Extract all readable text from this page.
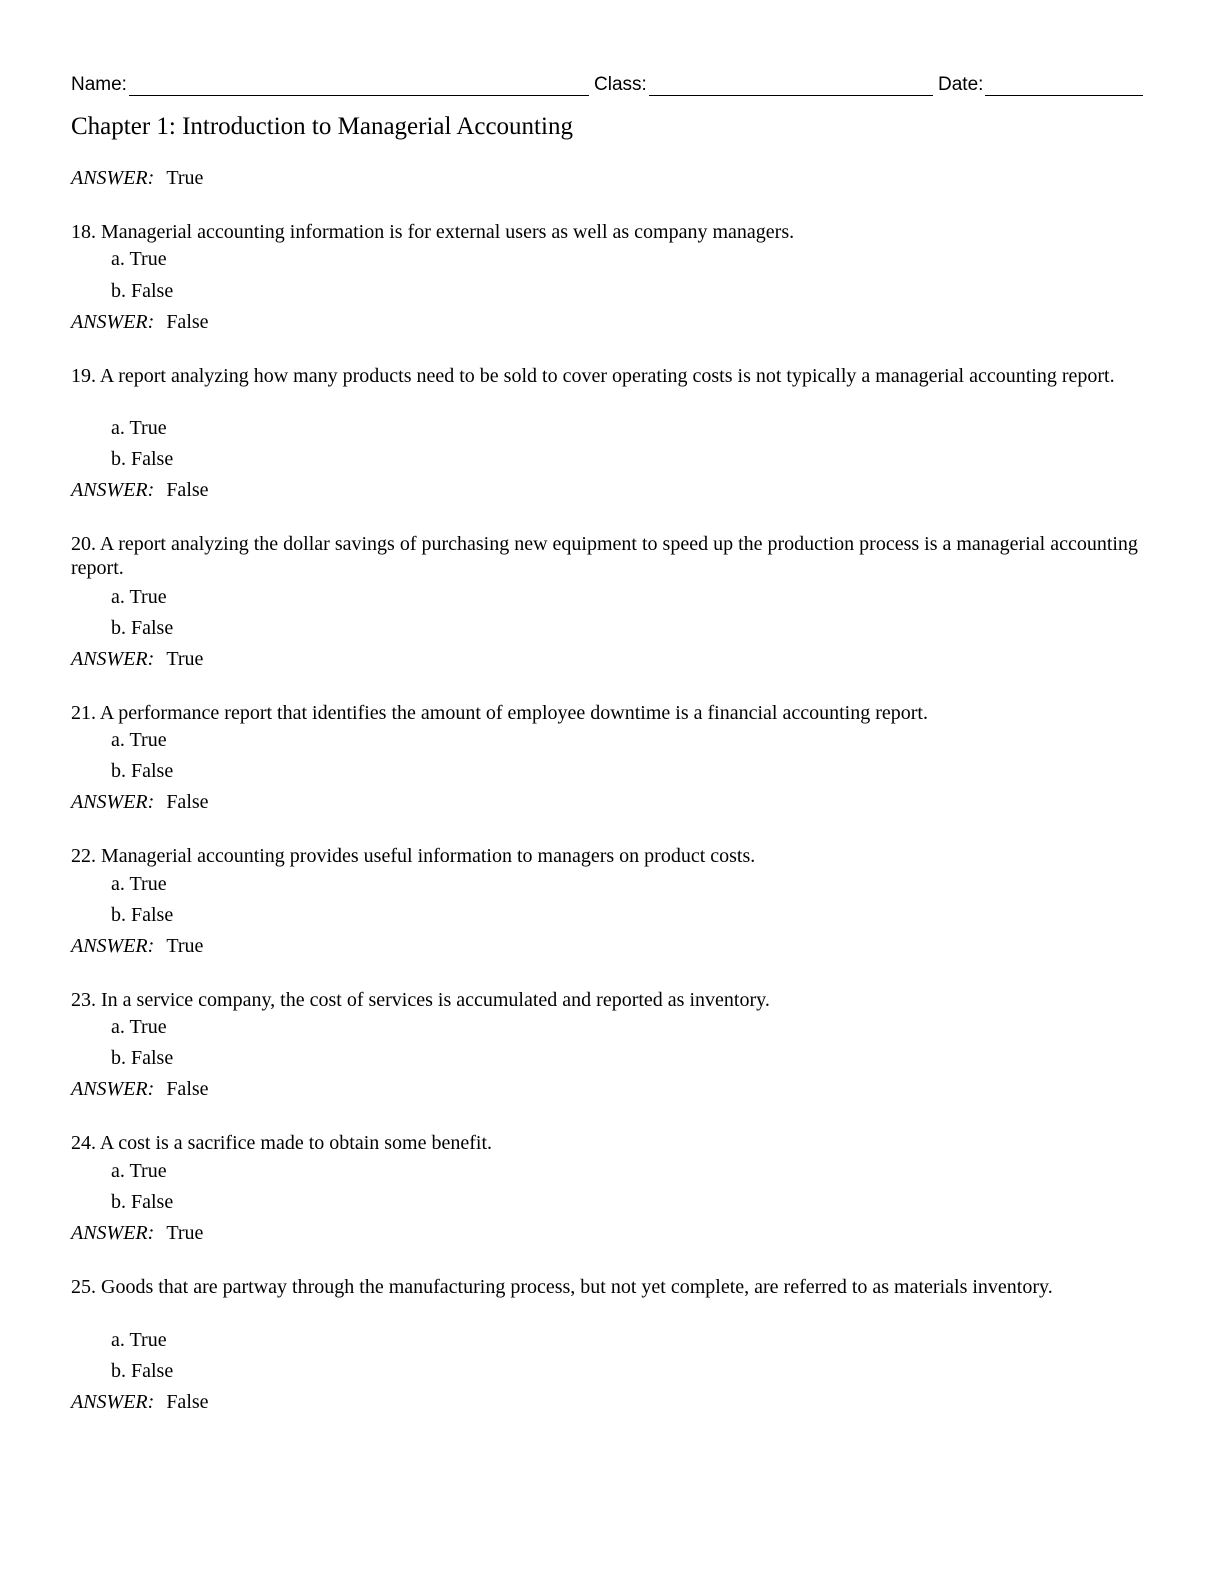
Name:	Class:	Date:
Chapter 1: Introduction to Managerial Accounting
ANSWER: True
18. Managerial accounting information is for external users as well as company managers.
a. True
b. False
ANSWER: False
19. A report analyzing how many products need to be sold to cover operating costs is not typically a managerial accounting report.
a. True
b. False
ANSWER: False
20. A report analyzing the dollar savings of purchasing new equipment to speed up the production process is a managerial accounting report.
a. True
b. False
ANSWER: True
21. A performance report that identifies the amount of employee downtime is a financial accounting report.
a. True
b. False
ANSWER: False
22. Managerial accounting provides useful information to managers on product costs.
a. True
b. False
ANSWER: True
23. In a service company, the cost of services is accumulated and reported as inventory.
a. True
b. False
ANSWER: False
24. A cost is a sacrifice made to obtain some benefit.
a. True
b. False
ANSWER: True
25. Goods that are partway through the manufacturing process, but not yet complete, are referred to as materials inventory.
a. True
b. False
ANSWER: False
